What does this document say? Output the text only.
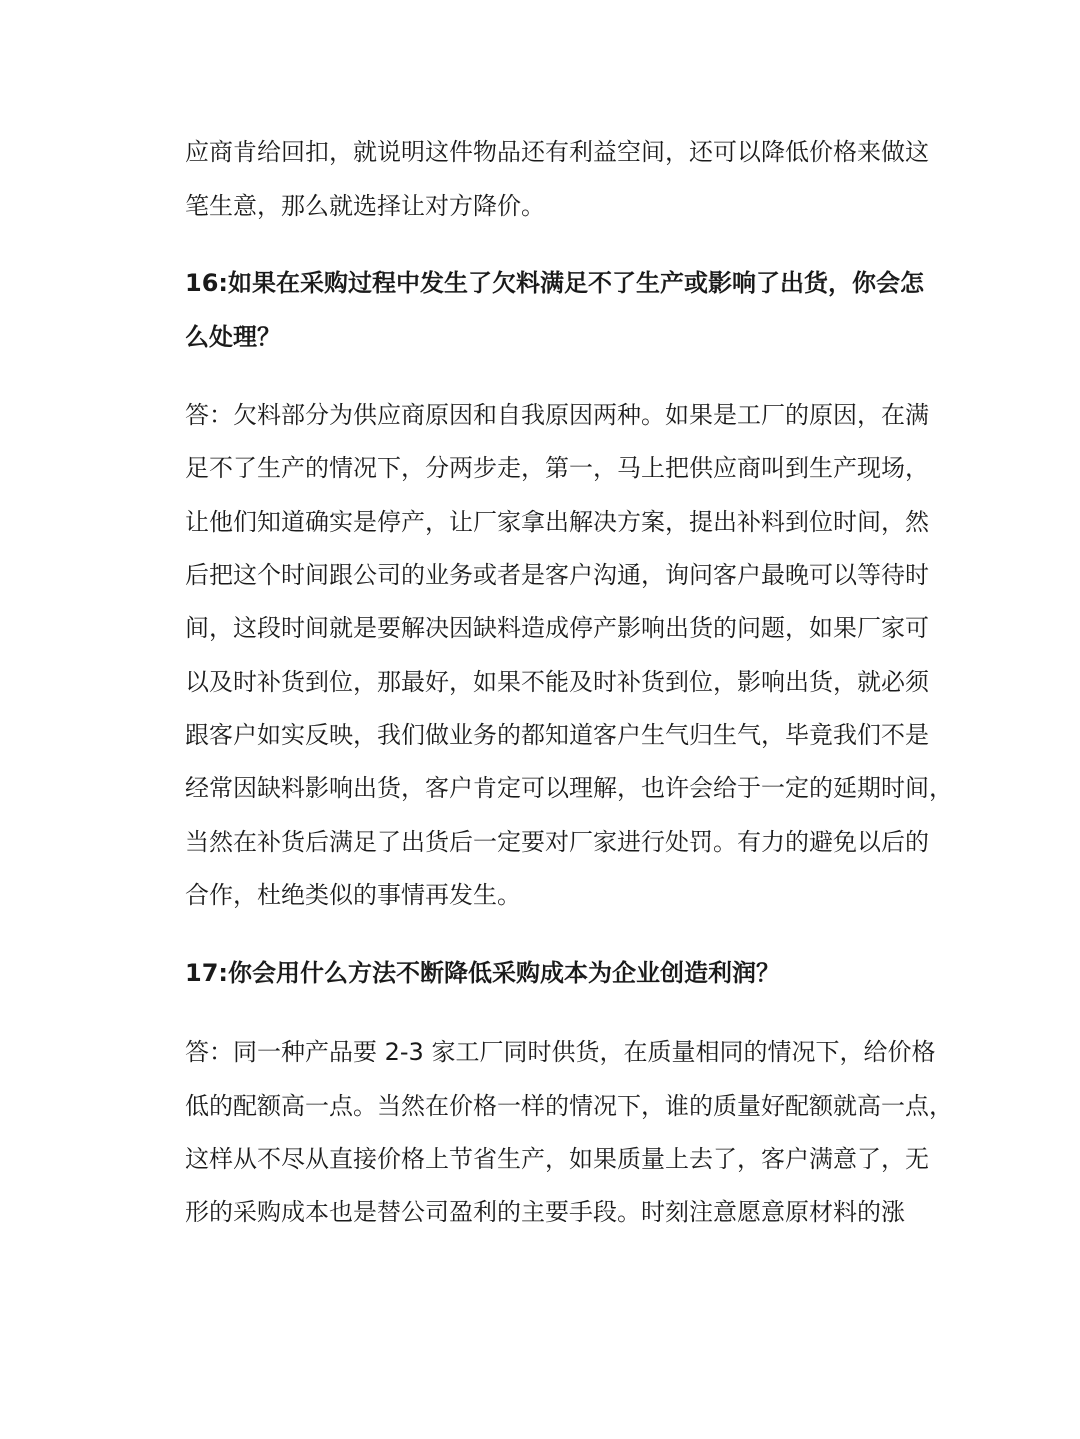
应商肯给回扣，就说明这件物品还有利益空间，还可以降低价格来做这
笔生意，那么就选择让对方降价。
16:如果在采购过程中发生了欠料满足不了生产或影响了出货，你会怎
么处理？
答：欠料部分为供应商原因和自我原因两种。如果是工厂的原因，在满
足不了生产的情况下，分两步走，第一，马上把供应商叫到生产现场，
让他们知道确实是停产，让厂家拿出解决方案，提出补料到位时间，然
后把这个时间跟公司的业务或者是客户沟通，询问客户最晚可以等待时
间，这段时间就是要解决因缺料造成停产影响出货的问题，如果厂家可
以及时补货到位，那最好，如果不能及时补货到位，影响出货，就必须
跟客户如实反映，我们做业务的都知道客户生气归生气，毕竟我们不是
经常因缺料影响出货，客户肯定可以理解，也许会给于一定的延期时间，
当然在补货后满足了出货后一定要对厂家进行处罚。有力的避免以后的
合作，杜绝类似的事情再发生。
17:你会用什么方法不断降低采购成本为企业创造利润？
答：同一种产品要 2-3 家工厂同时供货，在质量相同的情况下，给价格
低的配额高一点。当然在价格一样的情况下，谁的质量好配额就高一点，
这样从不尽从直接价格上节省生产，如果质量上去了，客户满意了，无
形的采购成本也是替公司盈利的主要手段。时刻注意愿意原材料的涨
